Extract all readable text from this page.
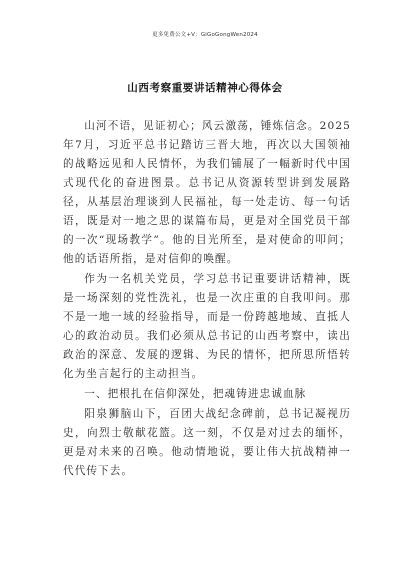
更多免费公文+V：GiGoGongWen2024
山西考察重要讲话精神心得体会

山河不语，见证初心；风云激荡，锤炼信念。2025年7月，习近平总书记踏访三晋大地，再次以大国领袖的战略远见和人民情怀，为我们铺展了一幅新时代中国式现代化的奋进图景。总书记从资源转型讲到发展路径，从基层治理谈到人民福祉，每一处走访、每一句话语，既是对一地之思的谋篇布局，更是对全国党员干部的一次“现场教学”。他的目光所至，是对使命的叩问；他的话语所指，是对信仰的唤醒。

作为一名机关党员，学习总书记重要讲话精神，既是一场深刻的党性洗礼，也是一次庄重的自我叩问。那不是一地一域的经验指导，而是一份跨越地域、直抵人心的政治动员。我们必须从总书记的山西考察中，读出政治的深意、发展的逻辑、为民的情怀，把所思所悟转化为坐言起行的主动担当。

一、把根扎在信仰深处，把魂铸进忠诚血脉

阳泉狮脑山下，百团大战纪念碑前，总书记凝视历史，向烈士敬献花篮。这一刻，不仅是对过去的缅怀，更是对未来的召唤。他动情地说，要让伟大抗战精神一代代传下去。
